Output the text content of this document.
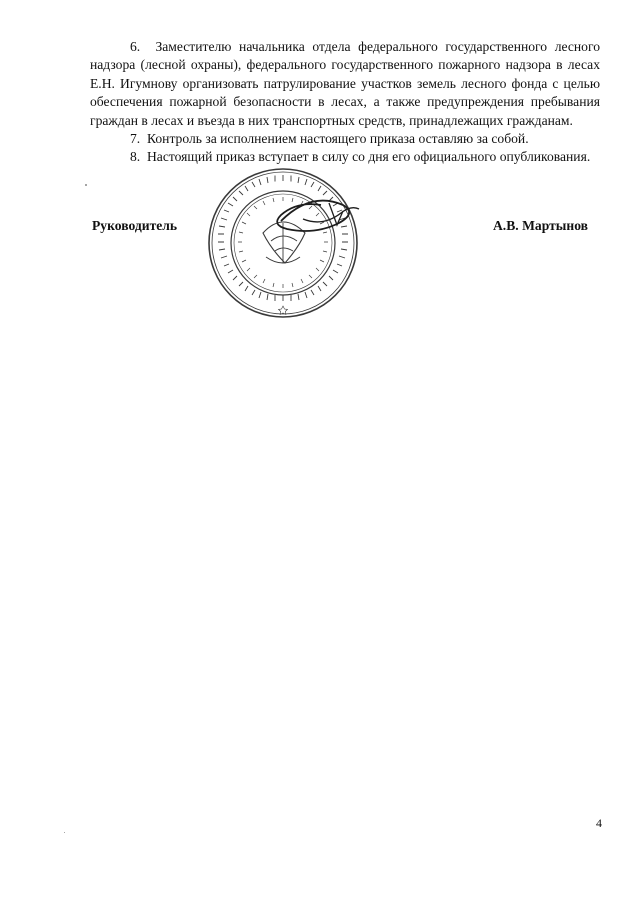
6.  Заместителю начальника отдела федерального государственного лесного надзора (лесной охраны), федерального государственного пожарного надзора в лесах Е.Н. Игумнову организовать патрулирование участков земель лесного фонда с целью обеспечения пожарной безопасности в лесах, а также предупреждения пребывания граждан в лесах и въезда в них транспортных средств, принадлежащих гражданам.

7.  Контроль за исполнением настоящего приказа оставляю за собой.

8.  Настоящий приказ вступает в силу со дня его официального опубликования.

Руководитель	А.В. Мартынов
4
